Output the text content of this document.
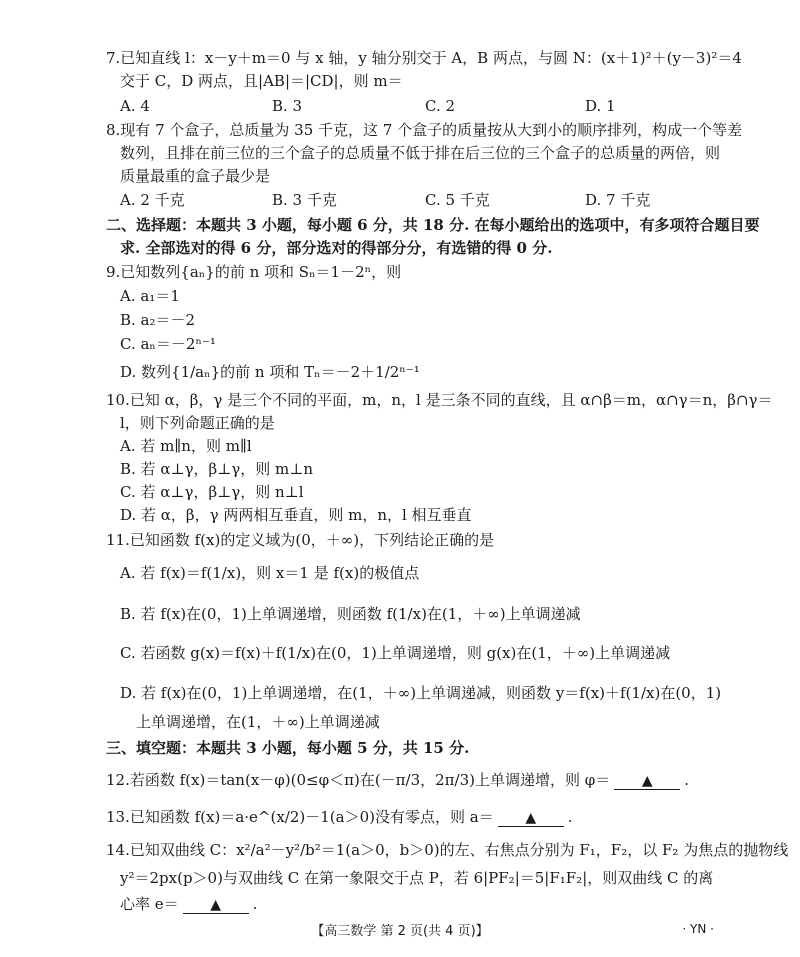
7.已知直线 l：x－y＋m＝0 与 x 轴，y 轴分别交于 A，B 两点，与圆 N：(x＋1)²＋(y－3)²＝4
交于 C，D 两点，且|AB|＝|CD|，则 m＝
A. 4	B. 3	C. 2	D. 1
8.现有 7 个盒子，总质量为 35 千克，这 7 个盒子的质量按从大到小的顺序排列，构成一个等差
数列，且排在前三位的三个盒子的总质量不低于排在后三位的三个盒子的总质量的两倍，则
质量最重的盒子最少是
A. 2 千克	B. 3 千克	C. 5 千克	D. 7 千克
二、选择题：本题共 3 小题，每小题 6 分，共 18 分. 在每小题给出的选项中，有多项符合题目要
求. 全部选对的得 6 分，部分选对的得部分分，有选错的得 0 分.
9.已知数列{aₙ}的前 n 项和 Sₙ＝1－2ⁿ，则
A. a₁＝1
B. a₂＝－2
C. aₙ＝－2ⁿ⁻¹
D. 数列{1/aₙ}的前 n 项和 Tₙ＝－2＋1/2ⁿ⁻¹
10.已知 α，β，γ 是三个不同的平面，m，n，l 是三条不同的直线，且 α∩β＝m，α∩γ＝n，β∩γ＝
l，则下列命题正确的是
A. 若 m∥n，则 m∥l
B. 若 α⊥γ，β⊥γ，则 m⊥n
C. 若 α⊥γ，β⊥γ，则 n⊥l
D. 若 α，β，γ 两两相互垂直，则 m，n，l 相互垂直
11.已知函数 f(x)的定义域为(0，＋∞)，下列结论正确的是
A. 若 f(x)＝f(1/x)，则 x＝1 是 f(x)的极值点
B. 若 f(x)在(0，1)上单调递增，则函数 f(1/x)在(1，＋∞)上单调递减
C. 若函数 g(x)＝f(x)＋f(1/x)在(0，1)上单调递增，则 g(x)在(1，＋∞)上单调递减
D. 若 f(x)在(0，1)上单调递增，在(1，＋∞)上单调递减，则函数 y＝f(x)＋f(1/x)在(0，1)
上单调递增，在(1，＋∞)上单调递减
三、填空题：本题共 3 小题，每小题 5 分，共 15 分.
12.若函数 f(x)＝tan(x－φ)(0≤φ＜π)在(－π/3，2π/3)上单调递增，则 φ＝ ▲ .
13.已知函数 f(x)＝a·e^(x/2)－1(a＞0)没有零点，则 a＝ ▲ .
14.已知双曲线 C：x²/a²－y²/b²＝1(a＞0，b＞0)的左、右焦点分别为 F₁，F₂，以 F₂ 为焦点的抛物线
y²＝2px(p＞0)与双曲线 C 在第一象限交于点 P，若 6|PF₂|＝5|F₁F₂|，则双曲线 C 的离
心率 e＝ ▲ .
【高三数学 第 2 页(共 4 页)】	· YN ·
